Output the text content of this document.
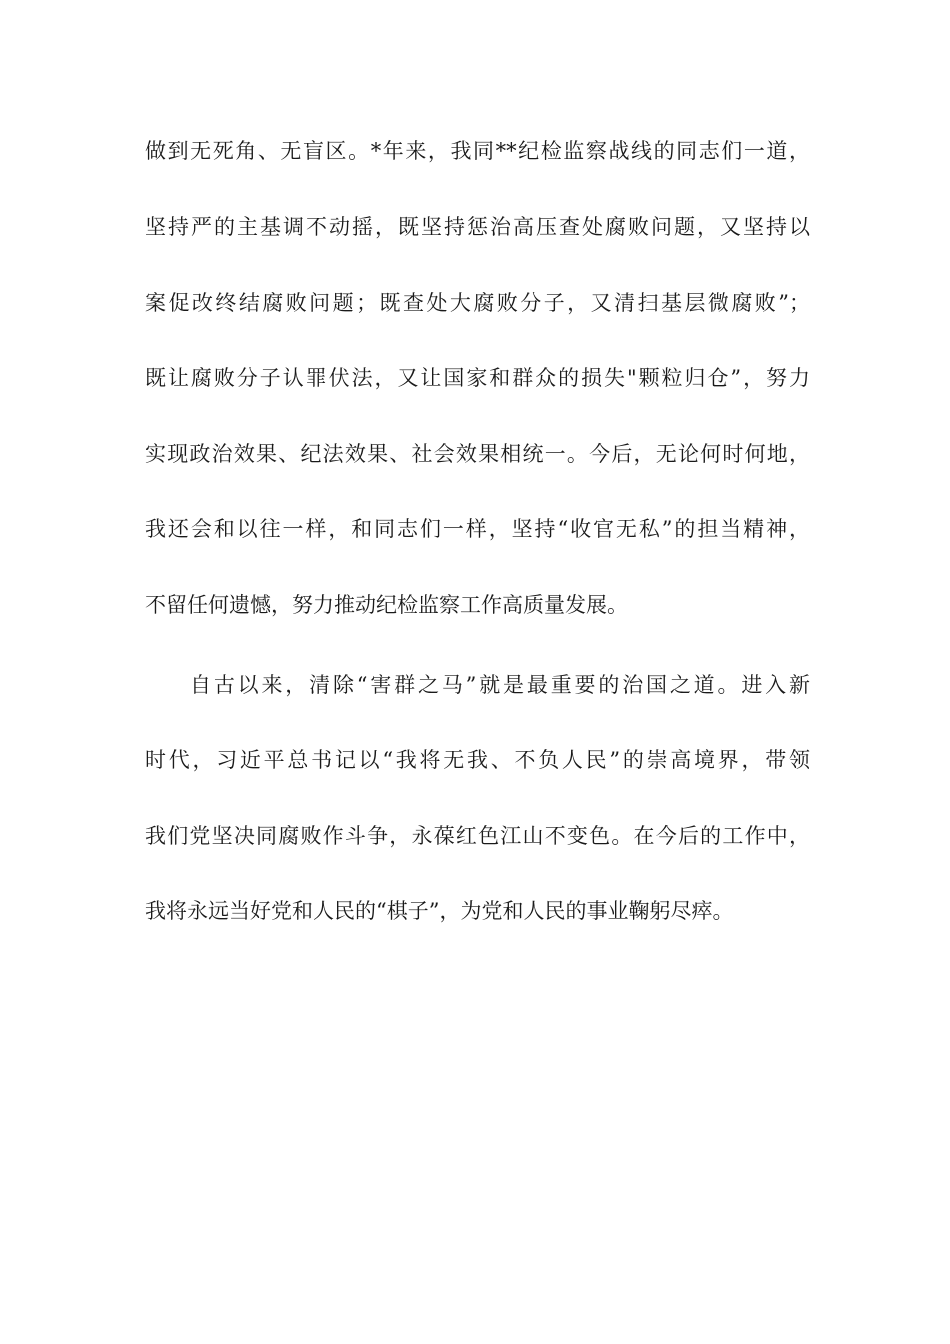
做到无死角、无盲区。*年来，我同**纪检监察战线的同志们一道，
坚持严的主基调不动摇，既坚持惩治高压查处腐败问题，又坚持以
案促改终结腐败问题；既查处大腐败分子，又清扫基层微腐败”；
既让腐败分子认罪伏法，又让国家和群众的损失"颗粒归仓”，努力
实现政治效果、纪法效果、社会效果相统一。今后，无论何时何地，
我还会和以往一样，和同志们一样，坚持“收官无私”的担当精神，
不留任何遗憾，努力推动纪检监察工作高质量发展。
自古以来，清除“害群之马”就是最重要的治国之道。进入新
时代，习近平总书记以“我将无我、不负人民”的崇高境界，带领
我们党坚决同腐败作斗争，永葆红色江山不变色。在今后的工作中，
我将永远当好党和人民的“棋子”，为党和人民的事业鞠躬尽瘁。
